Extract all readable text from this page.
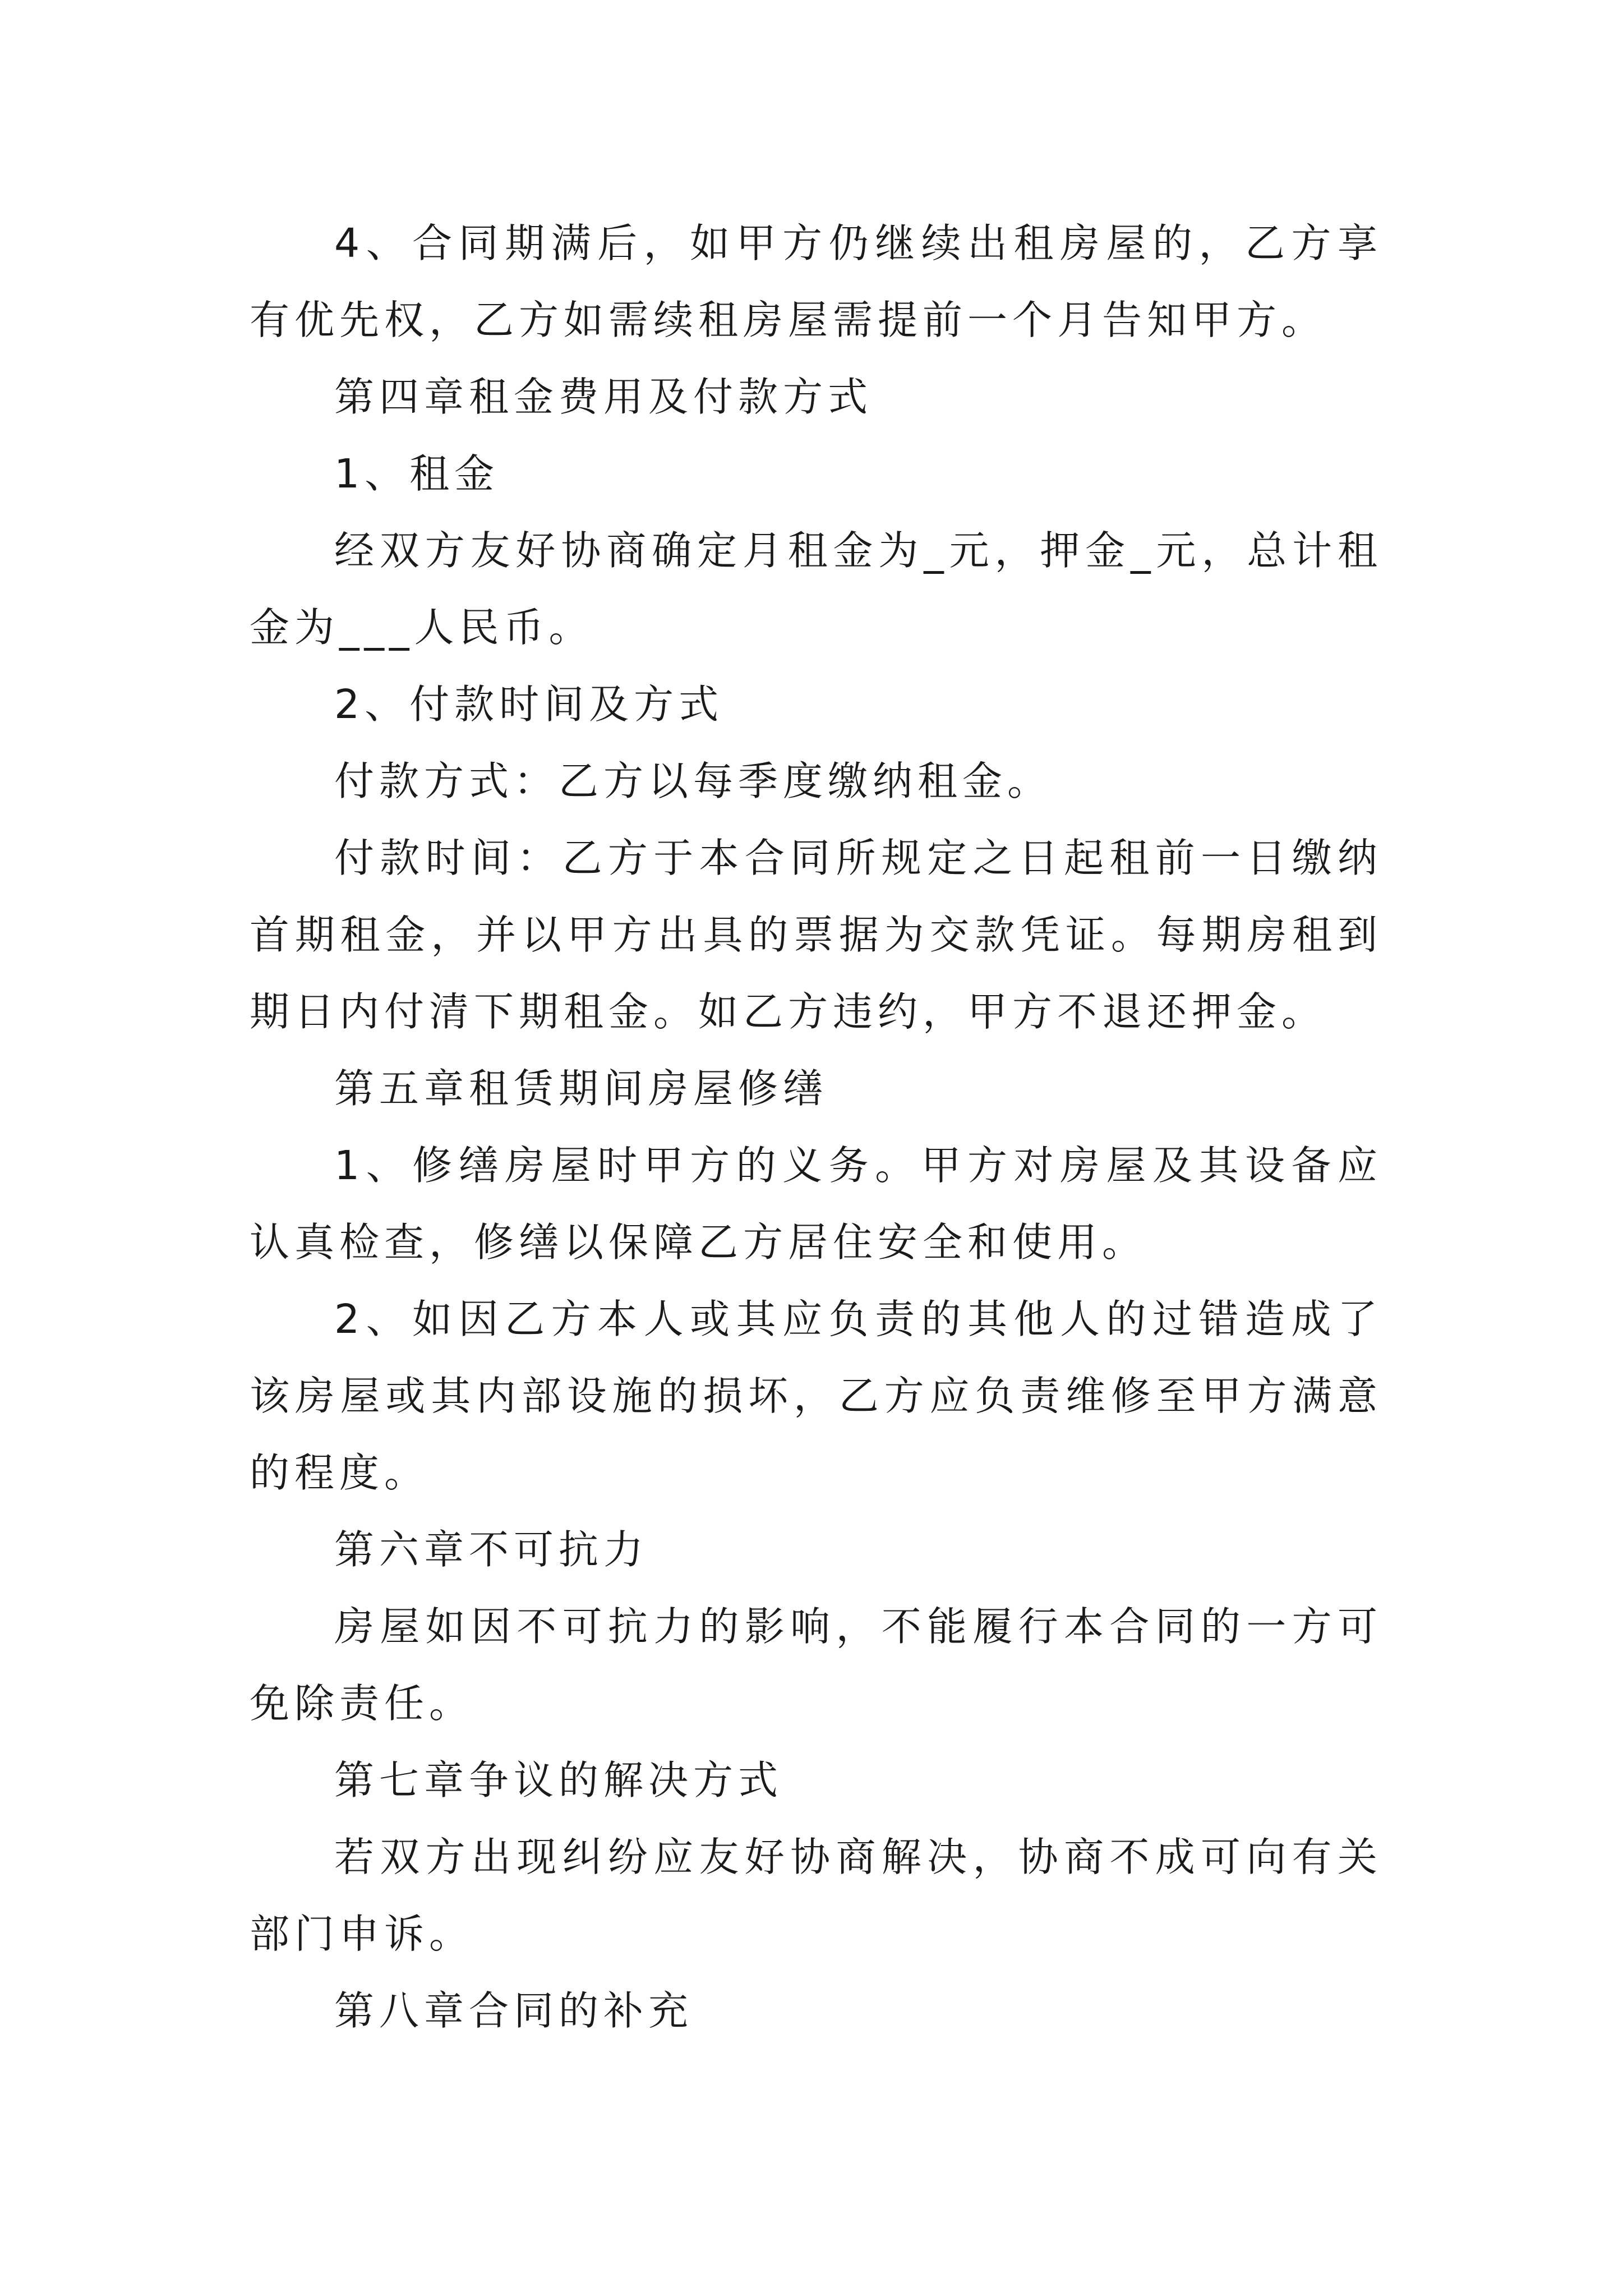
4、合同期满后，如甲方仍继续出租房屋的，乙方享有优先权，乙方如需续租房屋需提前一个月告知甲方。

第四章租金费用及付款方式

1、租金

经双方友好协商确定月租金为_元，押金_元，总计租金为___人民币。

2、付款时间及方式

付款方式：乙方以每季度缴纳租金。

付款时间：乙方于本合同所规定之日起租前一日缴纳首期租金，并以甲方出具的票据为交款凭证。每期房租到期日内付清下期租金。如乙方违约，甲方不退还押金。

第五章租赁期间房屋修缮

1、修缮房屋时甲方的义务。甲方对房屋及其设备应认真检查，修缮以保障乙方居住安全和使用。

2、如因乙方本人或其应负责的其他人的过错造成了该房屋或其内部设施的损坏，乙方应负责维修至甲方满意的程度。

第六章不可抗力

房屋如因不可抗力的影响，不能履行本合同的一方可免除责任。

第七章争议的解决方式

若双方出现纠纷应友好协商解决，协商不成可向有关部门申诉。

第八章合同的补充
